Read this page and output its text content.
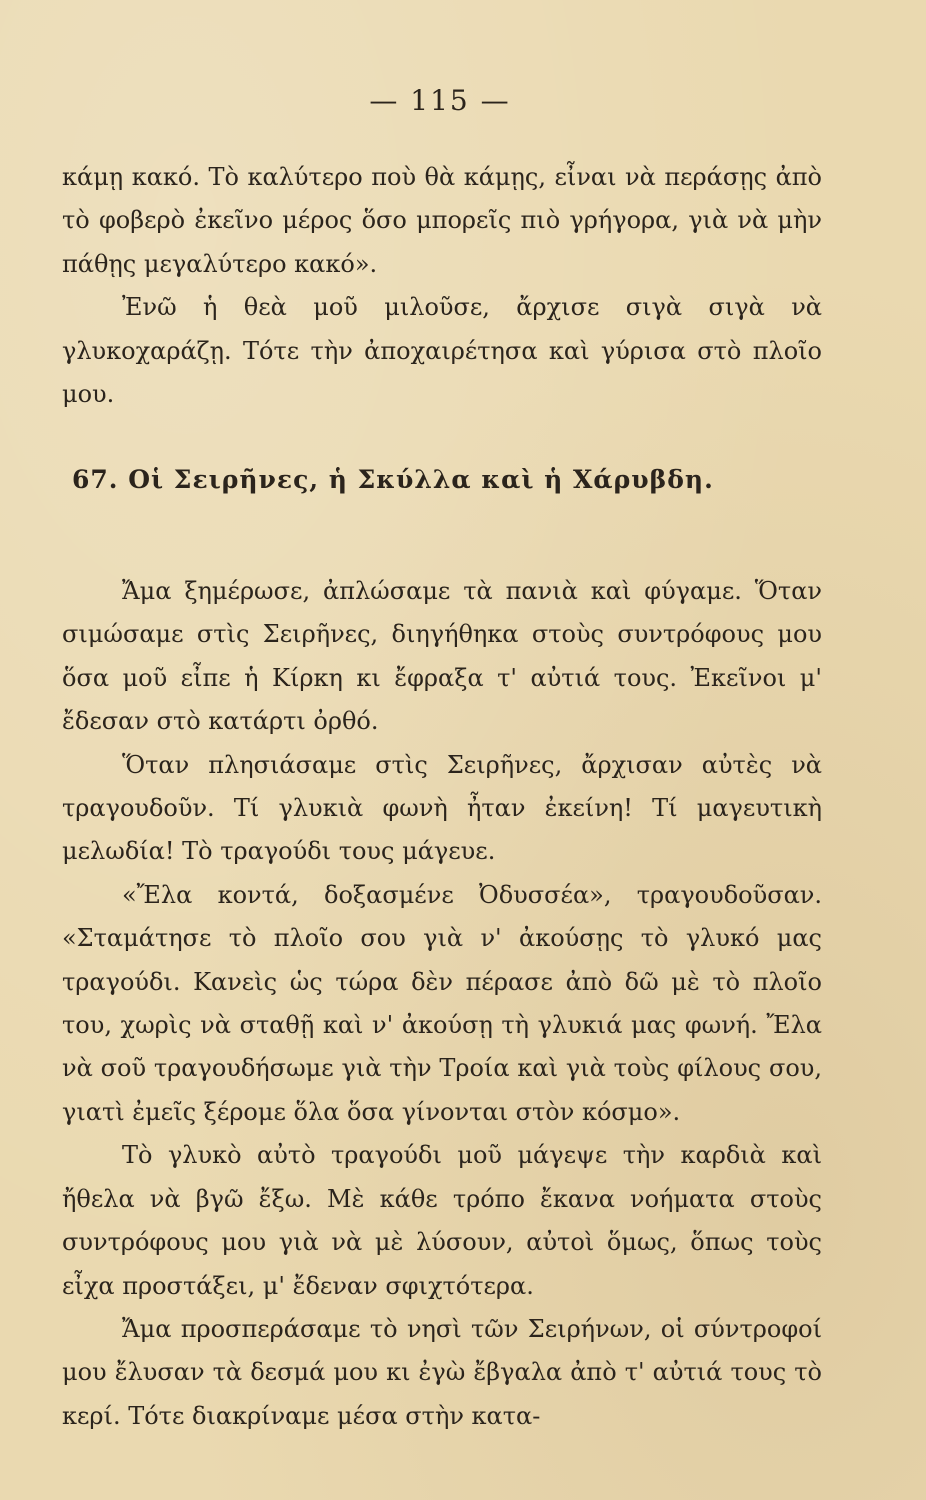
— 115 —

κάμῃ κακό. Τὸ καλύτερο ποὺ θὰ κάμῃς, εἶναι νὰ περάσῃς ἀπὸ τὸ φοβερὸ ἐκεῖνο μέρος ὅσο μπορεῖς πιὸ γρήγορα, γιὰ νὰ μὴν πάθῃς μεγαλύτερο κακό».

Ἐνῶ ἡ θεὰ μοῦ μιλοῦσε, ἄρχισε σιγὰ σιγὰ νὰ γλυκοχαράζῃ. Τότε τὴν ἀποχαιρέτησα καὶ γύρισα στὸ πλοῖο μου.

67. Οἱ Σειρῆνες, ἡ Σκύλλα καὶ ἡ Χάρυβδη.

Ἄμα ξημέρωσε, ἀπλώσαμε τὰ πανιὰ καὶ φύγαμε. Ὅταν σιμώσαμε στὶς Σειρῆνες, διηγήθηκα στοὺς συντρόφους μου ὅσα μοῦ εἶπε ἡ Κίρκη κι ἔφραξα τ' αὐτιά τους. Ἐκεῖνοι μ' ἔδεσαν στὸ κατάρτι ὀρθό.

Ὅταν πλησιάσαμε στὶς Σειρῆνες, ἄρχισαν αὐτὲς νὰ τραγουδοῦν. Τί γλυκιὰ φωνὴ ἦταν ἐκείνη! Τί μαγευτικὴ μελωδία! Τὸ τραγούδι τους μάγευε.

«Ἔλα κοντά, δοξασμένε Ὀδυσσέα», τραγουδοῦσαν. «Σταμάτησε τὸ πλοῖο σου γιὰ ν' ἀκούσῃς τὸ γλυκό μας τραγούδι. Κανεὶς ὡς τώρα δὲν πέρασε ἀπὸ δῶ μὲ τὸ πλοῖο του, χωρὶς νὰ σταθῇ καὶ ν' ἀκούσῃ τὴ γλυκιά μας φωνή. Ἔλα νὰ σοῦ τραγουδήσωμε γιὰ τὴν Τροία καὶ γιὰ τοὺς φίλους σου, γιατὶ ἐμεῖς ξέρομε ὅλα ὅσα γίνονται στὸν κόσμο».

Τὸ γλυκὸ αὐτὸ τραγούδι μοῦ μάγεψε τὴν καρδιὰ καὶ ἤθελα νὰ βγῶ ἔξω. Μὲ κάθε τρόπο ἔκανα νοήματα στοὺς συντρόφους μου γιὰ νὰ μὲ λύσουν, αὐτοὶ ὅμως, ὅπως τοὺς εἶχα προστάξει, μ' ἔδεναν σφιχτότερα.

Ἄμα προσπεράσαμε τὸ νησὶ τῶν Σειρήνων, οἱ σύντροφοί μου ἔλυσαν τὰ δεσμά μου κι ἐγὼ ἔβγαλα ἀπὸ τ' αὐτιά τους τὸ κερί. Τότε διακρίναμε μέσα στὴν κατα-
